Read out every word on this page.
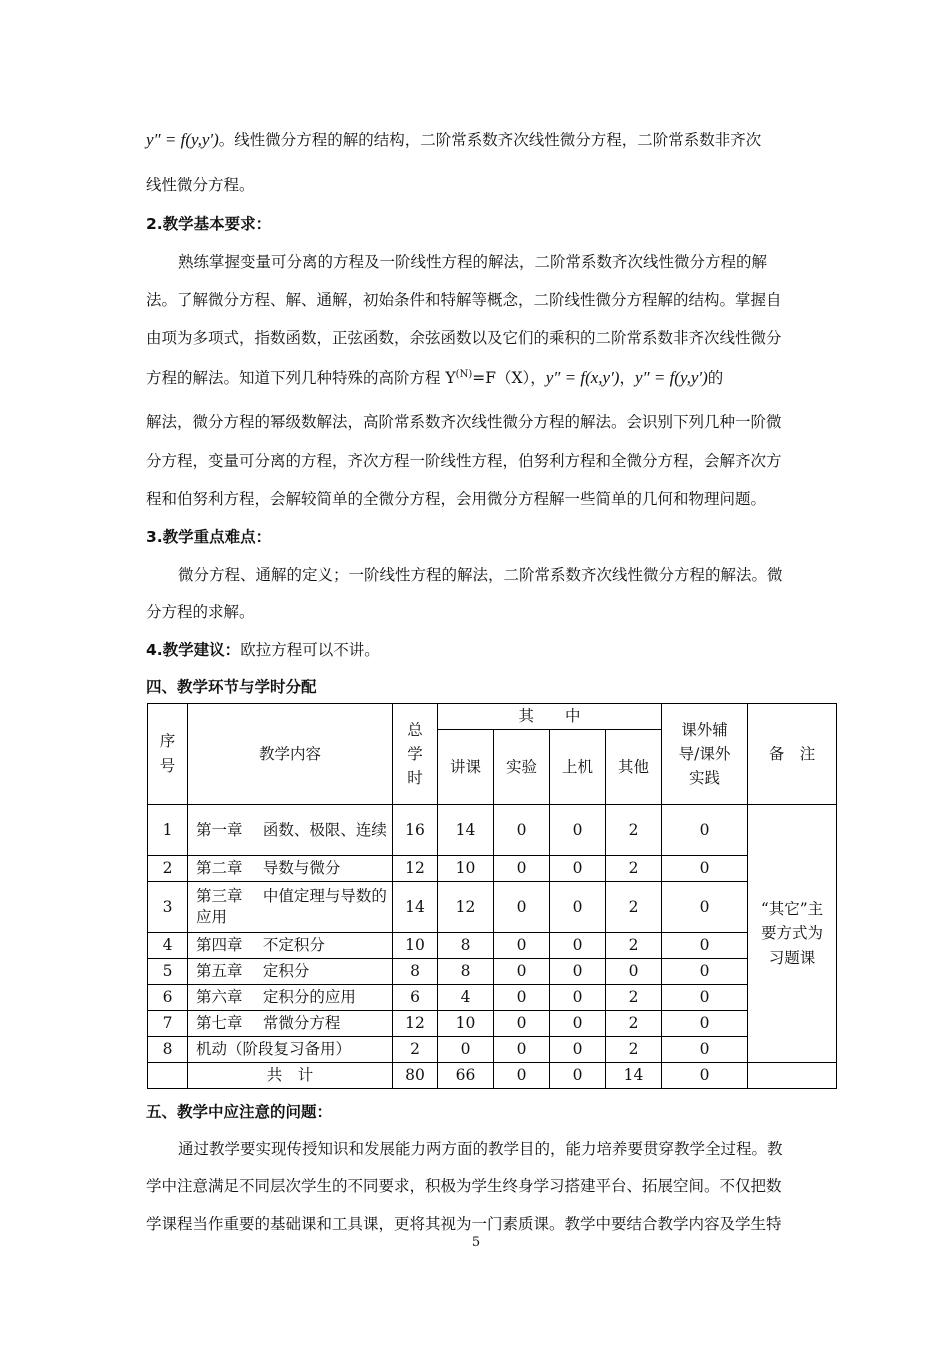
y″ = f(y,y′)。线性微分方程的解的结构，二阶常系数齐次线性微分方程，二阶常系数非齐次
线性微分方程。
2.教学基本要求：
熟练掌握变量可分离的方程及一阶线性方程的解法，二阶常系数齐次线性微分方程的解
法。了解微分方程、解、通解，初始条件和特解等概念，二阶线性微分方程解的结构。掌握自
由项为多项式，指数函数，正弦函数，余弦函数以及它们的乘积的二阶常系数非齐次线性微分
方程的解法。知道下列几种特殊的高阶方程 $Y^{(N)}=F(X)$，y″ = f(x,y′)，y″ = f(y,y′)的
解法，微分方程的幂级数解法，高阶常系数齐次线性微分方程的解法。会识别下列几种一阶微
分方程，变量可分离的方程，齐次方程一阶线性方程，伯努利方程和全微分方程，会解齐次方
程和伯努利方程，会解较简单的全微分方程，会用微分方程解一些简单的几何和物理问题。
3.教学重点难点：
微分方程、通解的定义；一阶线性方程的解法，二阶常系数齐次线性微分方程的解法。微
分方程的求解。
4.教学建议：欧拉方程可以不讲。
四、教学环节与学时分配
序号	教学内容	总学时	其　　中				课外辅导/课外实践	备　注
			讲课	实验	上机	其他		
1	第一章　 函数、极限、连续	16	14	0	0	2	0	“其它”主要方式为习题课

2	第二章　 导数与微分	12	10	0	0	2	0	
3	第三章　 中值定理与导数的应用	14	12	0	0	2	0	
4	第四章　 不定积分	10	8	0	0	2	0	
5	第五章　 定积分	8	8	0	0	0	0	
6	第六章　 定积分的应用	6	4	0	0	2	0	
7	第七章　 常微分方程	12	10	0	0	2	0	
8	机动（阶段复习备用）	2	0	0	0	2	0	
	共　计	80	66	0	0	14	0	
五、教学中应注意的问题：
通过教学要实现传授知识和发展能力两方面的教学目的，能力培养要贯穿教学全过程。教
学中注意满足不同层次学生的不同要求，积极为学生终身学习搭建平台、拓展空间。不仅把数
学课程当作重要的基础课和工具课，更将其视为一门素质课。教学中要结合教学内容及学生特
5
